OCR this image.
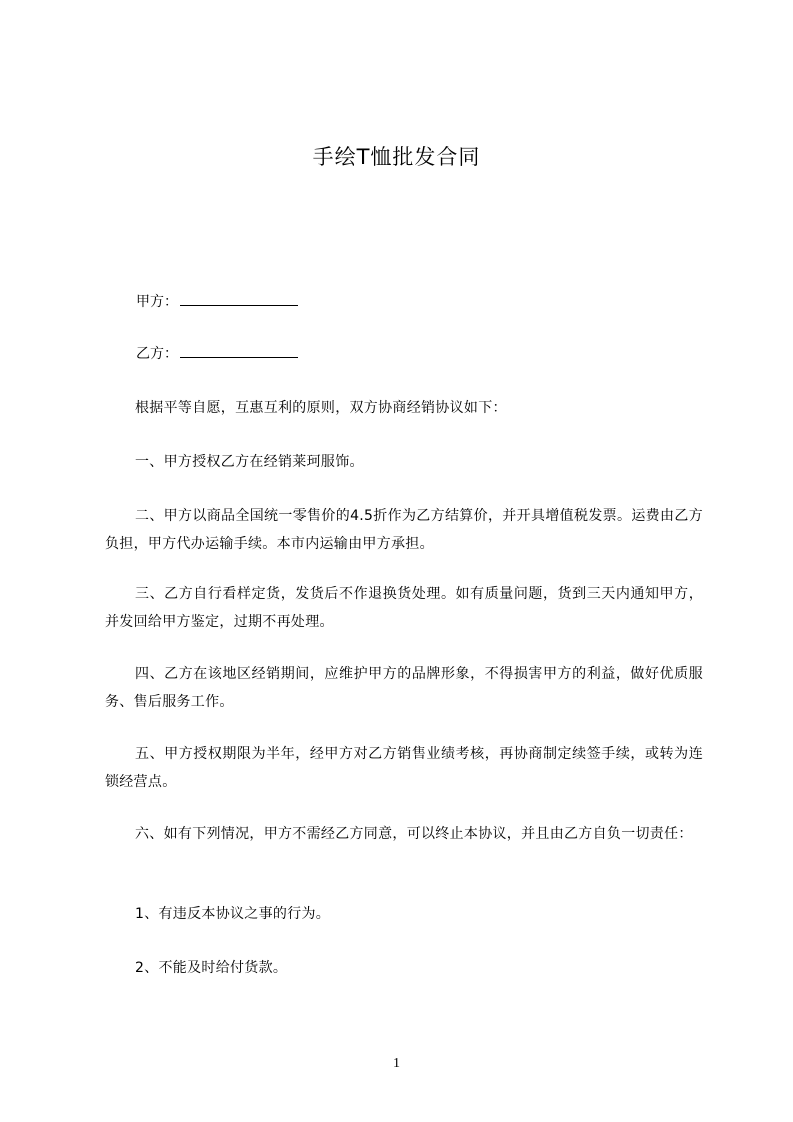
手绘T恤批发合同
甲方：
乙方：
根据平等自愿，互惠互利的原则，双方协商经销协议如下：
一、甲方授权乙方在经销莱珂服饰。
二、甲方以商品全国统一零售价的4.5折作为乙方结算价，并开具增值税发票。运费由乙方负担，甲方代办运输手续。本市内运输由甲方承担。
三、乙方自行看样定货，发货后不作退换货处理。如有质量问题，货到三天内通知甲方，并发回给甲方鉴定，过期不再处理。
四、乙方在该地区经销期间，应维护甲方的品牌形象，不得损害甲方的利益，做好优质服务、售后服务工作。
五、甲方授权期限为半年，经甲方对乙方销售业绩考核，再协商制定续签手续，或转为连锁经营点。
六、如有下列情况，甲方不需经乙方同意，可以终止本协议，并且由乙方自负一切责任：
1、有违反本协议之事的行为。
2、不能及时给付货款。
1
